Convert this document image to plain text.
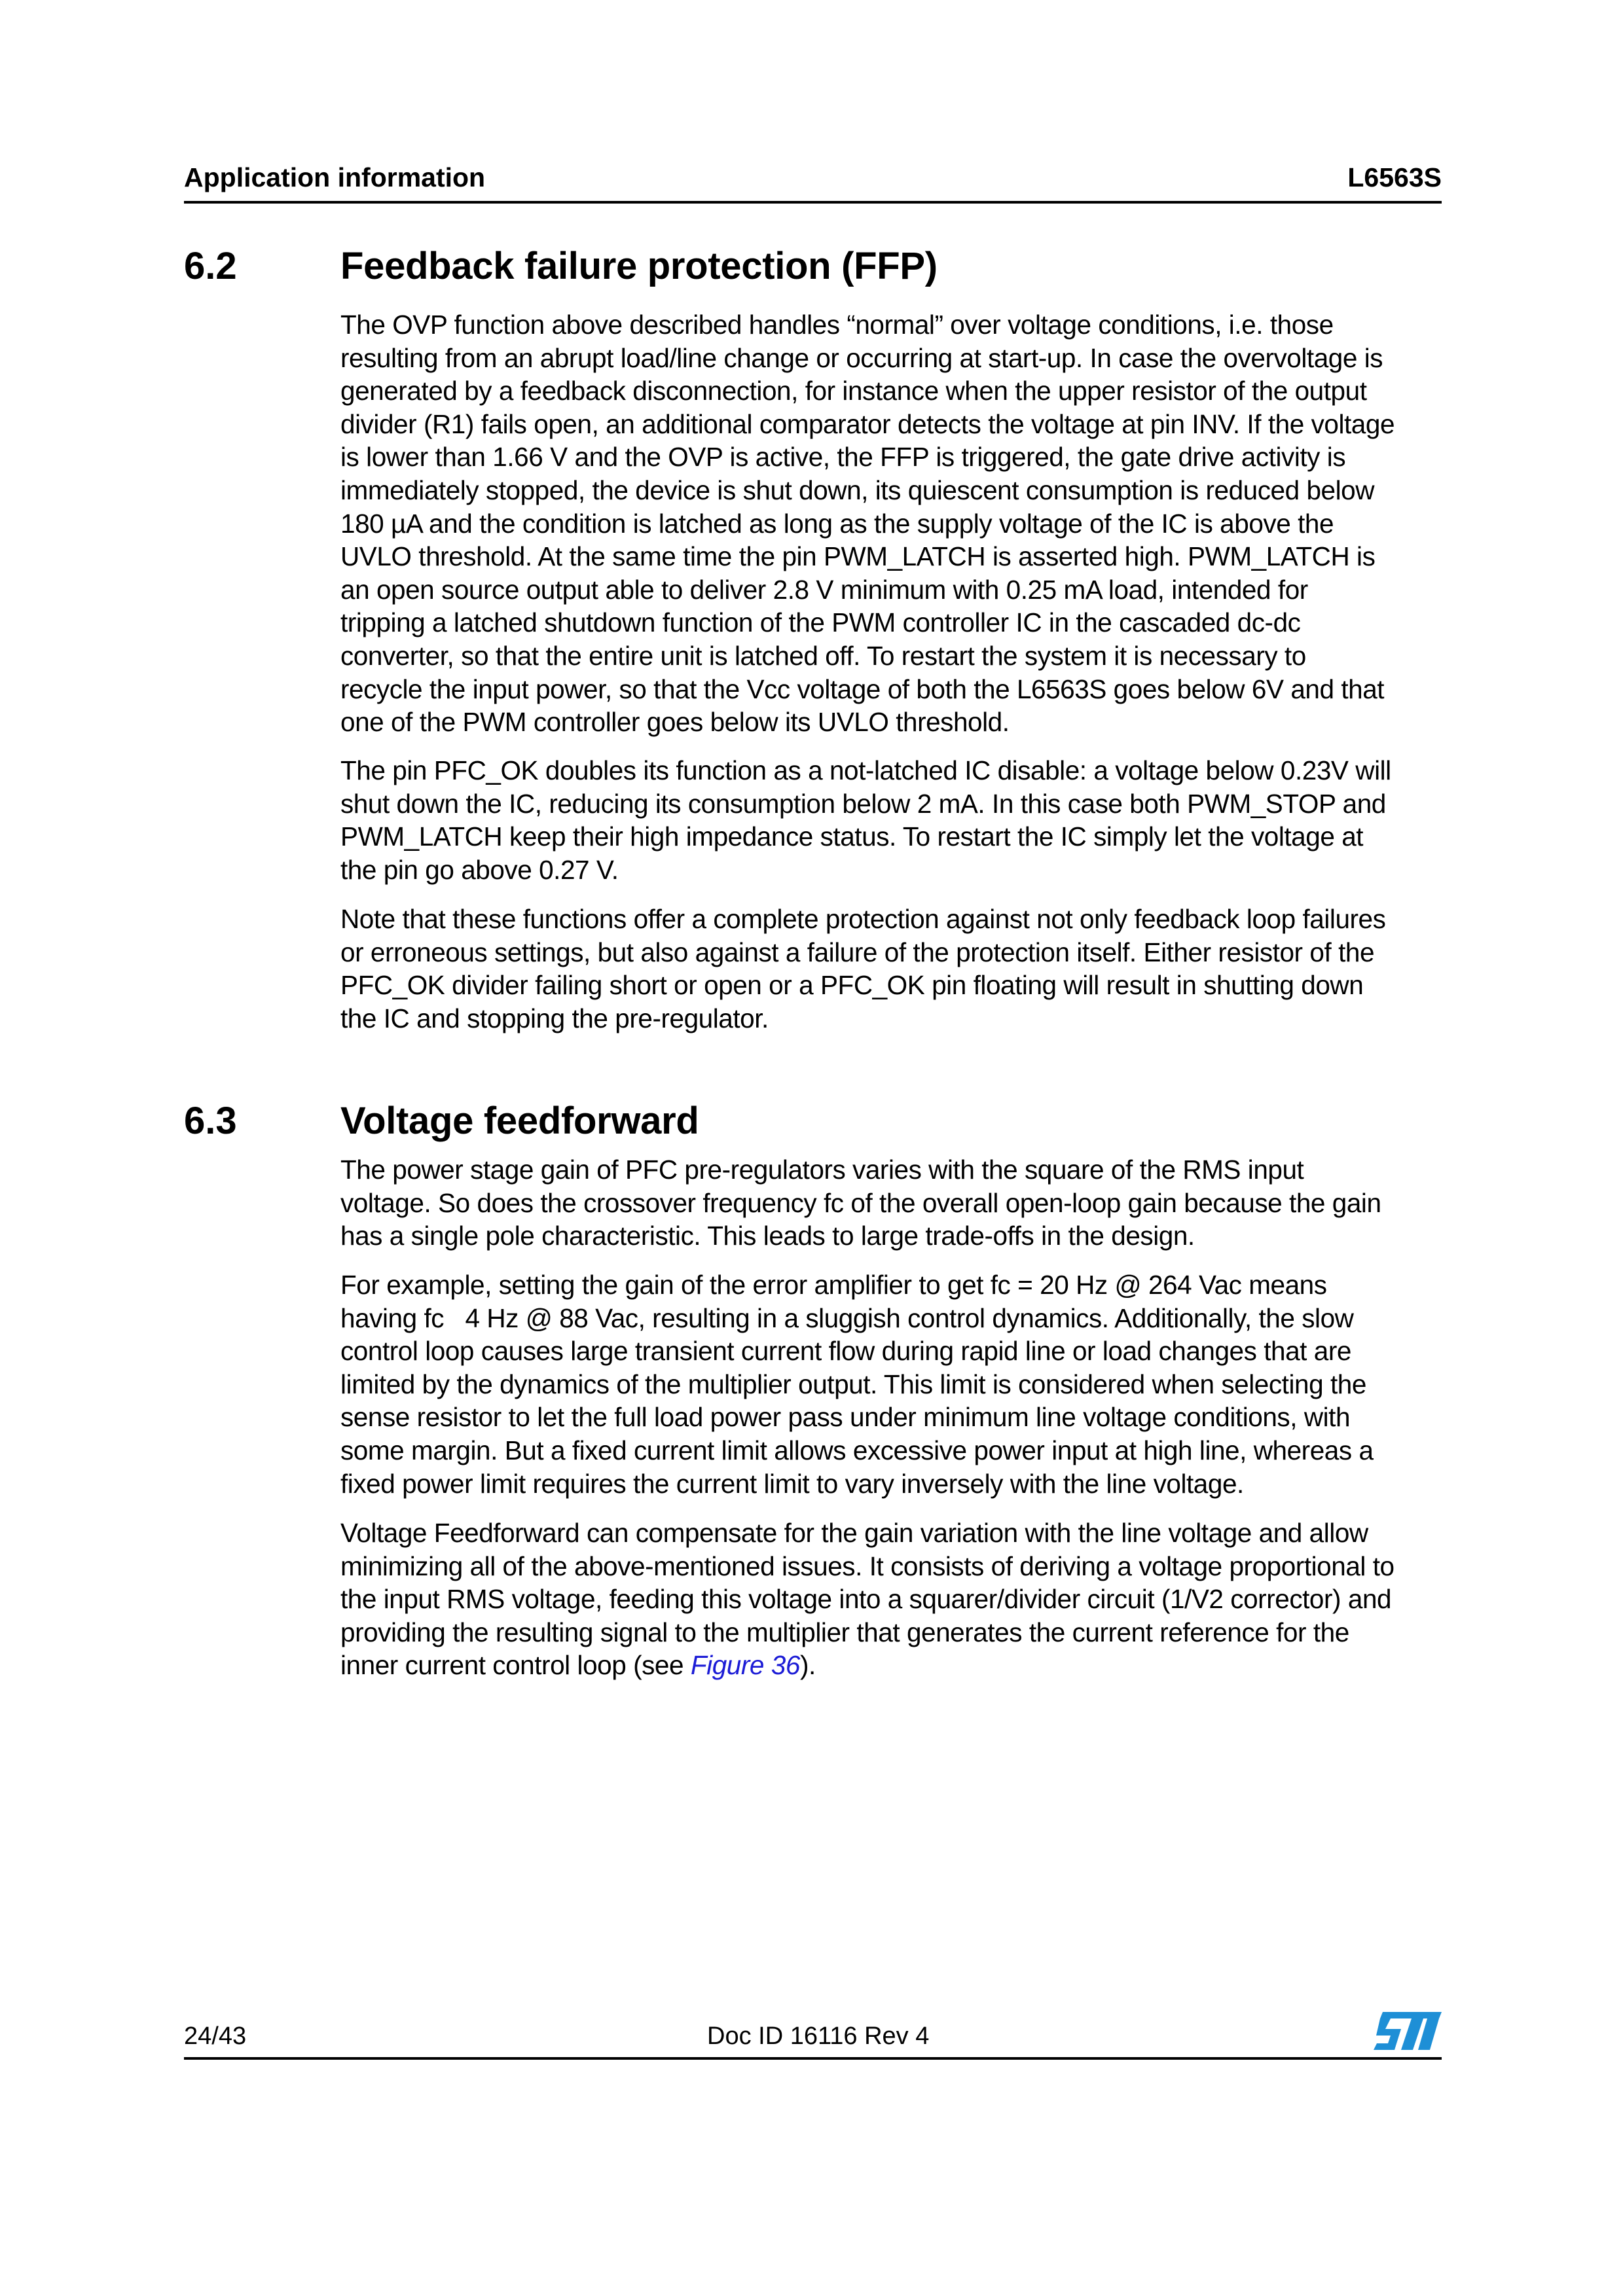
Application information	L6563S
6.2	Feedback failure protection (FFP)
The OVP function above described handles “normal” over voltage conditions, i.e. those
resulting from an abrupt load/line change or occurring at start-up. In case the overvoltage is
generated by a feedback disconnection, for instance when the upper resistor of the output
divider (R1) fails open, an additional comparator detects the voltage at pin INV. If the voltage
is lower than 1.66 V and the OVP is active, the FFP is triggered, the gate drive activity is
immediately stopped, the device is shut down, its quiescent consumption is reduced below
180 µA and the condition is latched as long as the supply voltage of the IC is above the
UVLO threshold. At the same time the pin PWM_LATCH is asserted high. PWM_LATCH is
an open source output able to deliver 2.8 V minimum with 0.25 mA load, intended for
tripping a latched shutdown function of the PWM controller IC in the cascaded dc-dc
converter, so that the entire unit is latched off. To restart the system it is necessary to
recycle the input power, so that the Vcc voltage of both the L6563S goes below 6V and that
one of the PWM controller goes below its UVLO threshold.
The pin PFC_OK doubles its function as a not-latched IC disable: a voltage below 0.23V will
shut down the IC, reducing its consumption below 2 mA. In this case both PWM_STOP and
PWM_LATCH keep their high impedance status. To restart the IC simply let the voltage at
the pin go above 0.27 V.
Note that these functions offer a complete protection against not only feedback loop failures
or erroneous settings, but also against a failure of the protection itself. Either resistor of the
PFC_OK divider failing short or open or a PFC_OK pin floating will result in shutting down
the IC and stopping the pre-regulator.
6.3	Voltage feedforward
The power stage gain of PFC pre-regulators varies with the square of the RMS input
voltage. So does the crossover frequency fc of the overall open-loop gain because the gain
has a single pole characteristic. This leads to large trade-offs in the design.
For example, setting the gain of the error amplifier to get fc = 20 Hz @ 264 Vac means
having fc   4 Hz @ 88 Vac, resulting in a sluggish control dynamics. Additionally, the slow
control loop causes large transient current flow during rapid line or load changes that are
limited by the dynamics of the multiplier output. This limit is considered when selecting the
sense resistor to let the full load power pass under minimum line voltage conditions, with
some margin. But a fixed current limit allows excessive power input at high line, whereas a
fixed power limit requires the current limit to vary inversely with the line voltage.
Voltage Feedforward can compensate for the gain variation with the line voltage and allow
minimizing all of the above-mentioned issues. It consists of deriving a voltage proportional to
the input RMS voltage, feeding this voltage into a squarer/divider circuit (1/V2 corrector) and
providing the resulting signal to the multiplier that generates the current reference for the
inner current control loop (see Figure 36).
24/43	Doc ID 16116 Rev 4
